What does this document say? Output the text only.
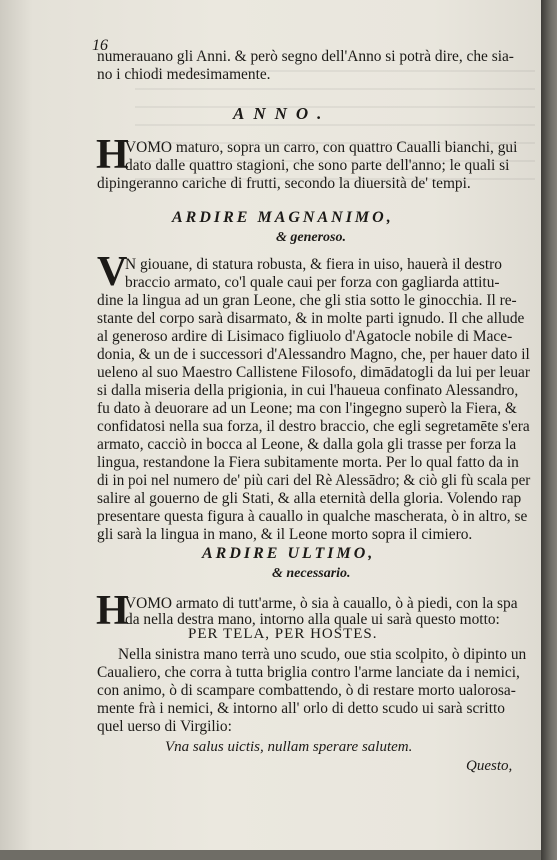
16
numerauano gli Anni. & però segno dell'Anno si potrà dire, che sia-
no i chiodi medesimamente.
ANNO.
H
VOMO maturo, sopra un carro, con quattro Caualli bianchi, gui
dato dalle quattro stagioni, che sono parte dell'anno; le quali si
dipingeranno cariche di frutti, secondo la diuersità de' tempi.
ARDIRE MAGNANIMO,
& generoso.
V
N giouane, di statura robusta, & fiera in uiso, hauerà il destro
braccio armato, co'l quale caui per forza con gagliarda attitu-
dine la lingua ad un gran Leone, che gli stia sotto le ginocchia. Il re-
stante del corpo sarà disarmato, & in molte parti ignudo. Il che allude
al generoso ardire di Lisimaco figliuolo d'Agatocle nobile di Mace-
donia, & un de i successori d'Alessandro Magno, che, per hauer dato il
ueleno al suo Maestro Callistene Filosofo, dimādatogli da lui per leuar
si dalla miseria della prigionia, in cui l'haueua confinato Alessandro,
fu dato à deuorare ad un Leone; ma con l'ingegno superò la Fiera, &
confidatosi nella sua forza, il destro braccio, che egli segretamēte s'era
armato, cacciò in bocca al Leone, & dalla gola gli trasse per forza la
lingua, restandone la Fiera subitamente morta. Per lo qual fatto da in
di in poi nel numero de' più cari del Rè Alessādro; & ciò gli fù scala per
salire al gouerno de gli Stati, & alla eternità della gloria. Volendo rap
presentare questa figura à cauallo in qualche mascherata, ò in altro, se
gli sarà la lingua in mano, & il Leone morto sopra il cimiero.
ARDIRE ULTIMO,
& necessario.
H
VOMO armato di tutt'arme, ò sia à cauallo, ò à piedi, con la spa
da nella destra mano, intorno alla quale ui sarà questo motto:
PER TELA, PER HOSTES.
Nella sinistra mano terrà uno scudo, oue stia scolpito, ò dipinto un
Caualiero, che corra à tutta briglia contro l'arme lanciate da i nemici,
con animo, ò di scampare combattendo, ò di restare morto ualorosa-
mente frà i nemici, & intorno all' orlo di detto scudo ui sarà scritto
quel uerso di Virgilio:
Vna salus uictis, nullam sperare salutem.
Questo,
